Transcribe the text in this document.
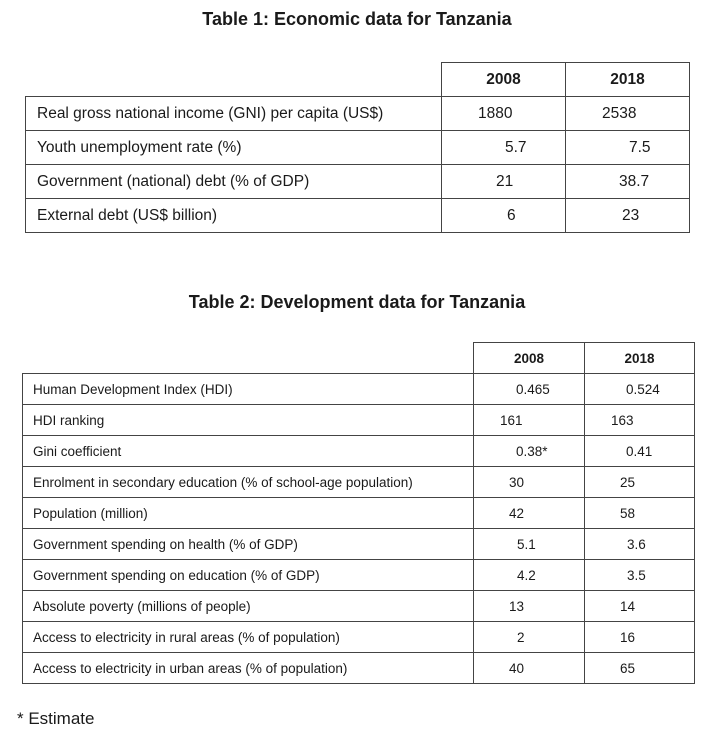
Table 1: Economic data for Tanzania
	2008	2018
Real gross national income (GNI) per capita (US$)	1880	2538
Youth unemployment rate (%)	5.7	7.5
Government (national) debt (% of GDP)	21	38.7
External debt (US$ billion)	6	23
Table 2: Development data for Tanzania
	2008	2018
Human Development Index (HDI)	0.465	0.524
HDI ranking	161	163
Gini coefficient	0.38*	0.41
Enrolment in secondary education (% of school-age population)	30	25
Population (million)	42	58
Government spending on health (% of GDP)	5.1	3.6
Government spending on education (% of GDP)	4.2	3.5
Absolute poverty (millions of people)	13	14
Access to electricity in rural areas (% of population)	2	16
Access to electricity in urban areas (% of population)	40	65

* Estimate
